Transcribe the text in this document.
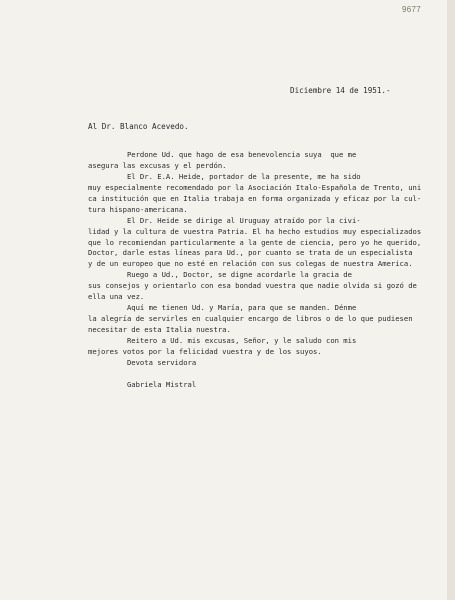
9677
Diciembre 14 de 1951.-
Al Dr. Blanco Acevedo.
Perdone Ud. que hago de esa benevolencia suya  que me
asegura las excusas y el perdón.
El Dr. E.A. Heide, portador de la presente, me ha sido
muy especialmente recomendado por la Asociación Italo-Española de Trento, uni
ca institución que en Italia trabaja en forma organizada y eficaz por la cul-
tura hispano-americana.
El Dr. Heide se dirige al Uruguay atraído por la civi-
lidad y la cultura de vuestra Patria. El ha hecho estudios muy especializados
que lo recomiendan particularmente a la gente de ciencia, pero yo he querido,
Doctor, darle estas líneas para Ud., por cuanto se trata de un especialista
y de un europeo que no esté en relación con sus colegas de nuestra America.
Ruego a Ud., Doctor, se digne acordarle la gracia de
sus consejos y orientarlo con esa bondad vuestra que nadie olvida si gozó de
ella una vez.
Aquí me tienen Ud. y María, para que se manden. Dénme
la alegría de servirles en cualquier encargo de libros o de lo que pudiesen
necesitar de esta Italia nuestra.
Reitero a Ud. mis excusas, Señor, y le saludo con mis
mejores votos por la felicidad vuestra y de los suyos.
Devota servidora
Gabriela Mistral
